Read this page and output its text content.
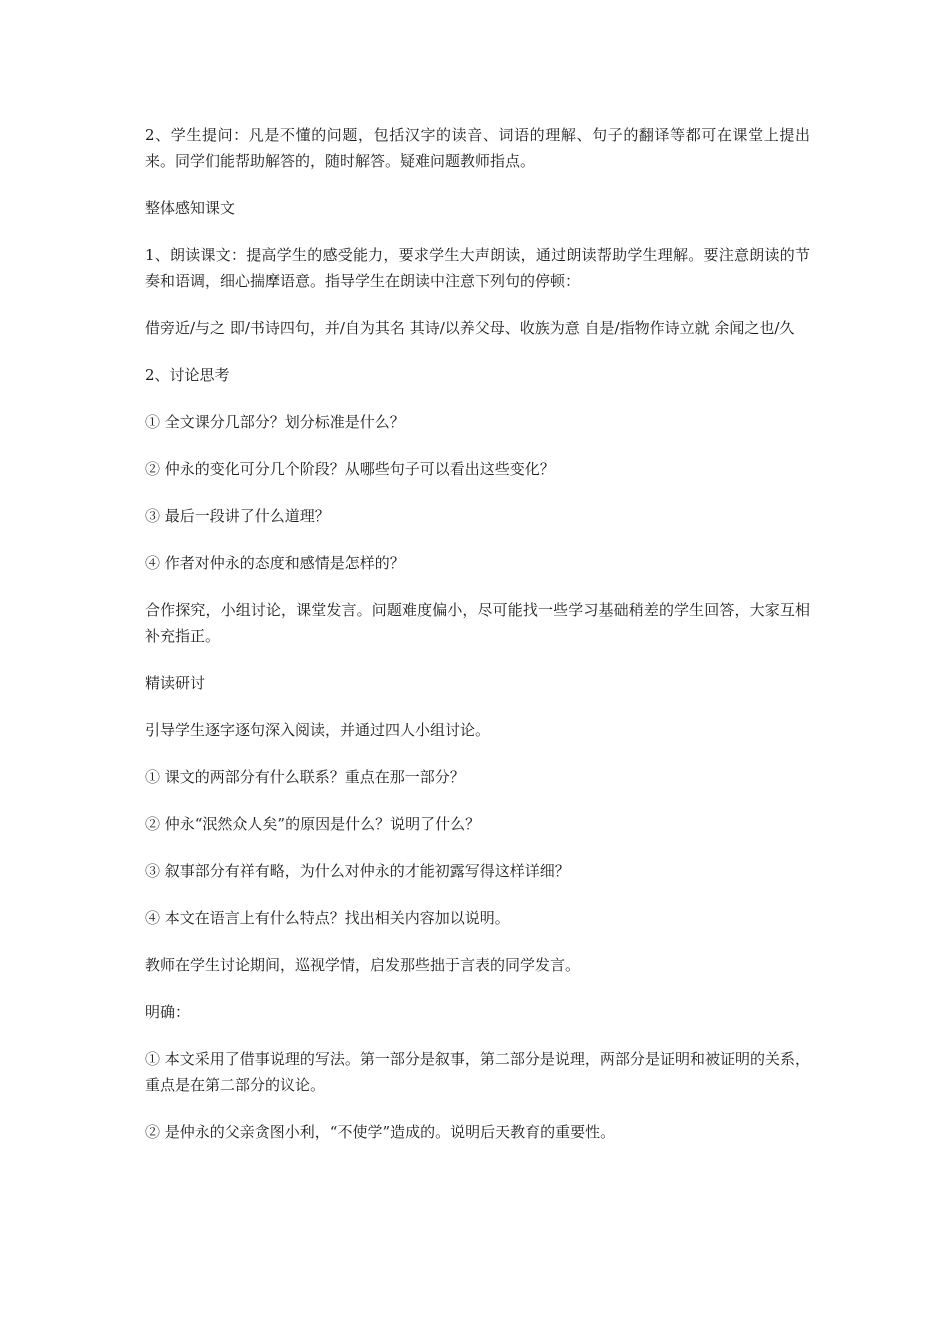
2、学生提问：凡是不懂的问题，包括汉字的读音、词语的理解、句子的翻译等都可在课堂上提出来。同学们能帮助解答的，随时解答。疑难问题教师指点。

整体感知课文

1、朗读课文：提高学生的感受能力，要求学生大声朗读，通过朗读帮助学生理解。要注意朗读的节奏和语调，细心揣摩语意。指导学生在朗读中注意下列句的停顿：

借旁近/与之 即/书诗四句，并/自为其名 其诗/以养父母、收族为意 自是/指物作诗立就 余闻之也/久

2、讨论思考

① 全文课分几部分？划分标准是什么？

② 仲永的变化可分几个阶段？从哪些句子可以看出这些变化？

③ 最后一段讲了什么道理？

④ 作者对仲永的态度和感情是怎样的？

合作探究，小组讨论，课堂发言。问题难度偏小，尽可能找一些学习基础稍差的学生回答，大家互相补充指正。

精读研讨

引导学生逐字逐句深入阅读，并通过四人小组讨论。

① 课文的两部分有什么联系？重点在那一部分？

② 仲永“泯然众人矣”的原因是什么？说明了什么？

③ 叙事部分有祥有略，为什么对仲永的才能初露写得这样详细？

④ 本文在语言上有什么特点？找出相关内容加以说明。

教师在学生讨论期间，巡视学情，启发那些拙于言表的同学发言。

明确：

① 本文采用了借事说理的写法。第一部分是叙事，第二部分是说理，两部分是证明和被证明的关系，重点是在第二部分的议论。

② 是仲永的父亲贪图小利，“不使学”造成的。说明后天教育的重要性。
